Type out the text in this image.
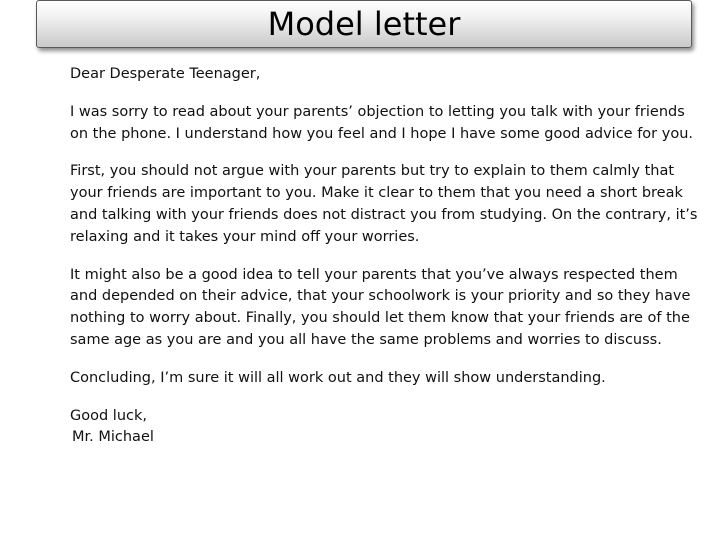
Model letter

Dear Desperate Teenager,

I was sorry to read about your parents’ objection to letting you talk with your friends on the phone. I understand how you feel and I hope I have some good advice for you.

First, you should not argue with your parents but try to explain to them calmly that your friends are important to you. Make it clear to them that you need a short break and talking with your friends does not distract you from studying. On the contrary, it’s relaxing and it takes your mind off your worries.

It might also be a good idea to tell your parents that you’ve always respected them and depended on their advice, that your schoolwork is your priority and so they have nothing to worry about. Finally, you should let them know that your friends are of the same age as you are and you all have the same problems and worries to discuss.

Concluding, I’m sure it will all work out and they will show understanding.

Good luck,
Mr. Michael
